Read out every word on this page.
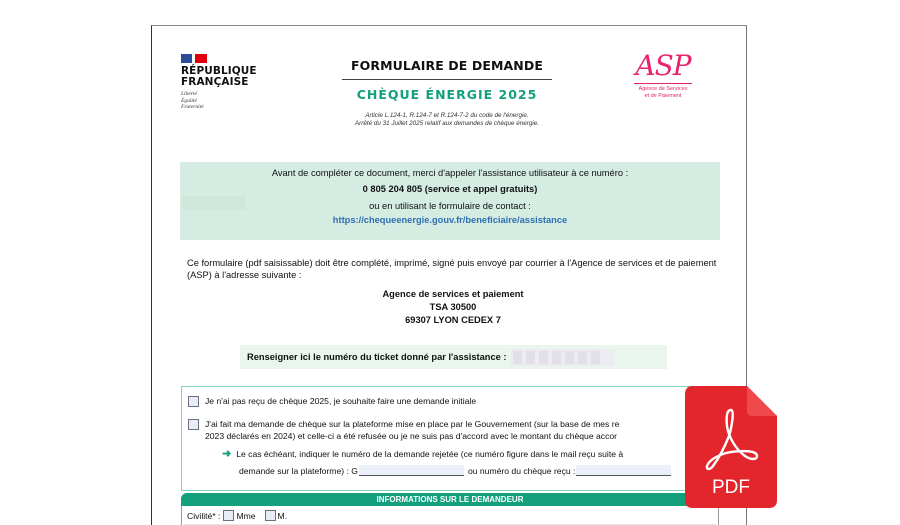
RÉPUBLIQUE
FRANÇAISE
Liberté
Égalité
Fraternité
FORMULAIRE DE DEMANDE
CHÈQUE ÉNERGIE 2025
Article L.124-1, R.124-7 et R.124-7-2 du code de l'énergie.
Arrêté du 31 Juillet 2025 relatif aux demandes de chèque énergie.
ASP
Agence de Services
et de Paiement
Avant de compléter ce document, merci d'appeler l'assistance utilisateur à ce numéro :
0 805 204 805 (service et appel gratuits)
ou en utilisant le formulaire de contact :
https://chequeenergie.gouv.fr/beneficiaire/assistance
Ce formulaire (pdf saisissable) doit être complété, imprimé, signé puis envoyé par courrier à l'Agence de services et de paiement (ASP) à l'adresse suivante :
Agence de services et paiement
TSA 30500
69307 LYON CEDEX 7
Renseigner ici le numéro du ticket donné par l'assistance :
Je n'ai pas reçu de chèque 2025, je souhaite faire une demande initiale
J'ai fait ma demande de chèque sur la plateforme mise en place par le Gouvernement (sur la base de mes re
2023 déclarés en 2024) et celle-ci a été refusée ou je ne suis pas d'accord avec le montant du chèque accor
➜ Le cas échéant, indiquer le numéro de la demande rejetée (ce numéro figure dans le mail reçu suite à
demande sur la plateforme) : G	ou numéro du chèque reçu :
INFORMATIONS SUR LE DEMANDEUR
Civilité* : Mme	M.
PDF
